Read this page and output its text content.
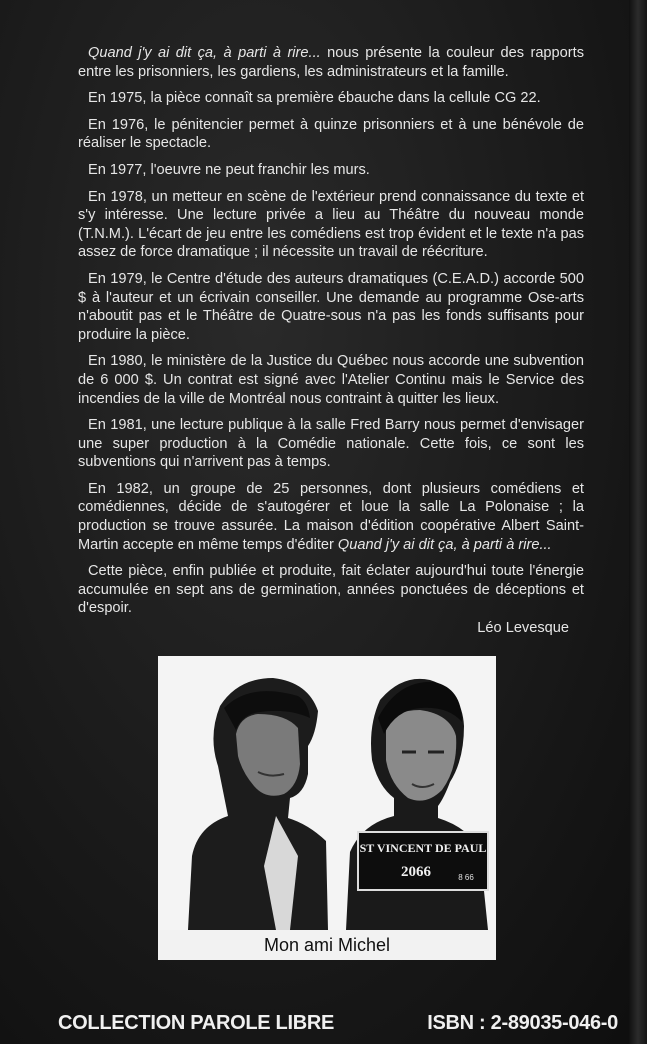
Quand j'y ai dit ça, à parti à rire... nous présente la couleur des rapports entre les prisonniers, les gardiens, les administrateurs et la famille.

En 1975, la pièce connaît sa première ébauche dans la cellule CG 22.

En 1976, le pénitencier permet à quinze prisonniers et à une bénévole de réaliser le spectacle.

En 1977, l'oeuvre ne peut franchir les murs.

En 1978, un metteur en scène de l'extérieur prend connaissance du texte et s'y intéresse. Une lecture privée a lieu au Théâtre du nouveau monde (T.N.M.). L'écart de jeu entre les comédiens est trop évident et le texte n'a pas assez de force dramatique ; il nécessite un travail de réécriture.

En 1979, le Centre d'étude des auteurs dramatiques (C.E.A.D.) accorde 500 $ à l'auteur et un écrivain conseiller. Une demande au programme Ose-arts n'aboutit pas et le Théâtre de Quatre-sous n'a pas les fonds suffisants pour produire la pièce.

En 1980, le ministère de la Justice du Québec nous accorde une subvention de 6 000 $. Un contrat est signé avec l'Atelier Continu mais le Service des incendies de la ville de Montréal nous contraint à quitter les lieux.

En 1981, une lecture publique à la salle Fred Barry nous permet d'envisager une super production à la Comédie nationale. Cette fois, ce sont les subventions qui n'arrivent pas à temps.

En 1982, un groupe de 25 personnes, dont plusieurs comédiens et comédiennes, décide de s'autogérer et loue la salle La Polonaise ; la production se trouve assurée. La maison d'édition coopérative Albert Saint-Martin accepte en même temps d'éditer Quand j'y ai dit ça, à parti à rire...

Cette pièce, enfin publiée et produite, fait éclater aujourd'hui toute l'énergie accumulée en sept ans de germination, années ponctuées de déceptions et d'espoir.

Léo Levesque
ST VINCENT DE PAUL
2066	8 66
Mon ami Michel
COLLECTION PAROLE LIBRE	ISBN : 2-89035-046-0
